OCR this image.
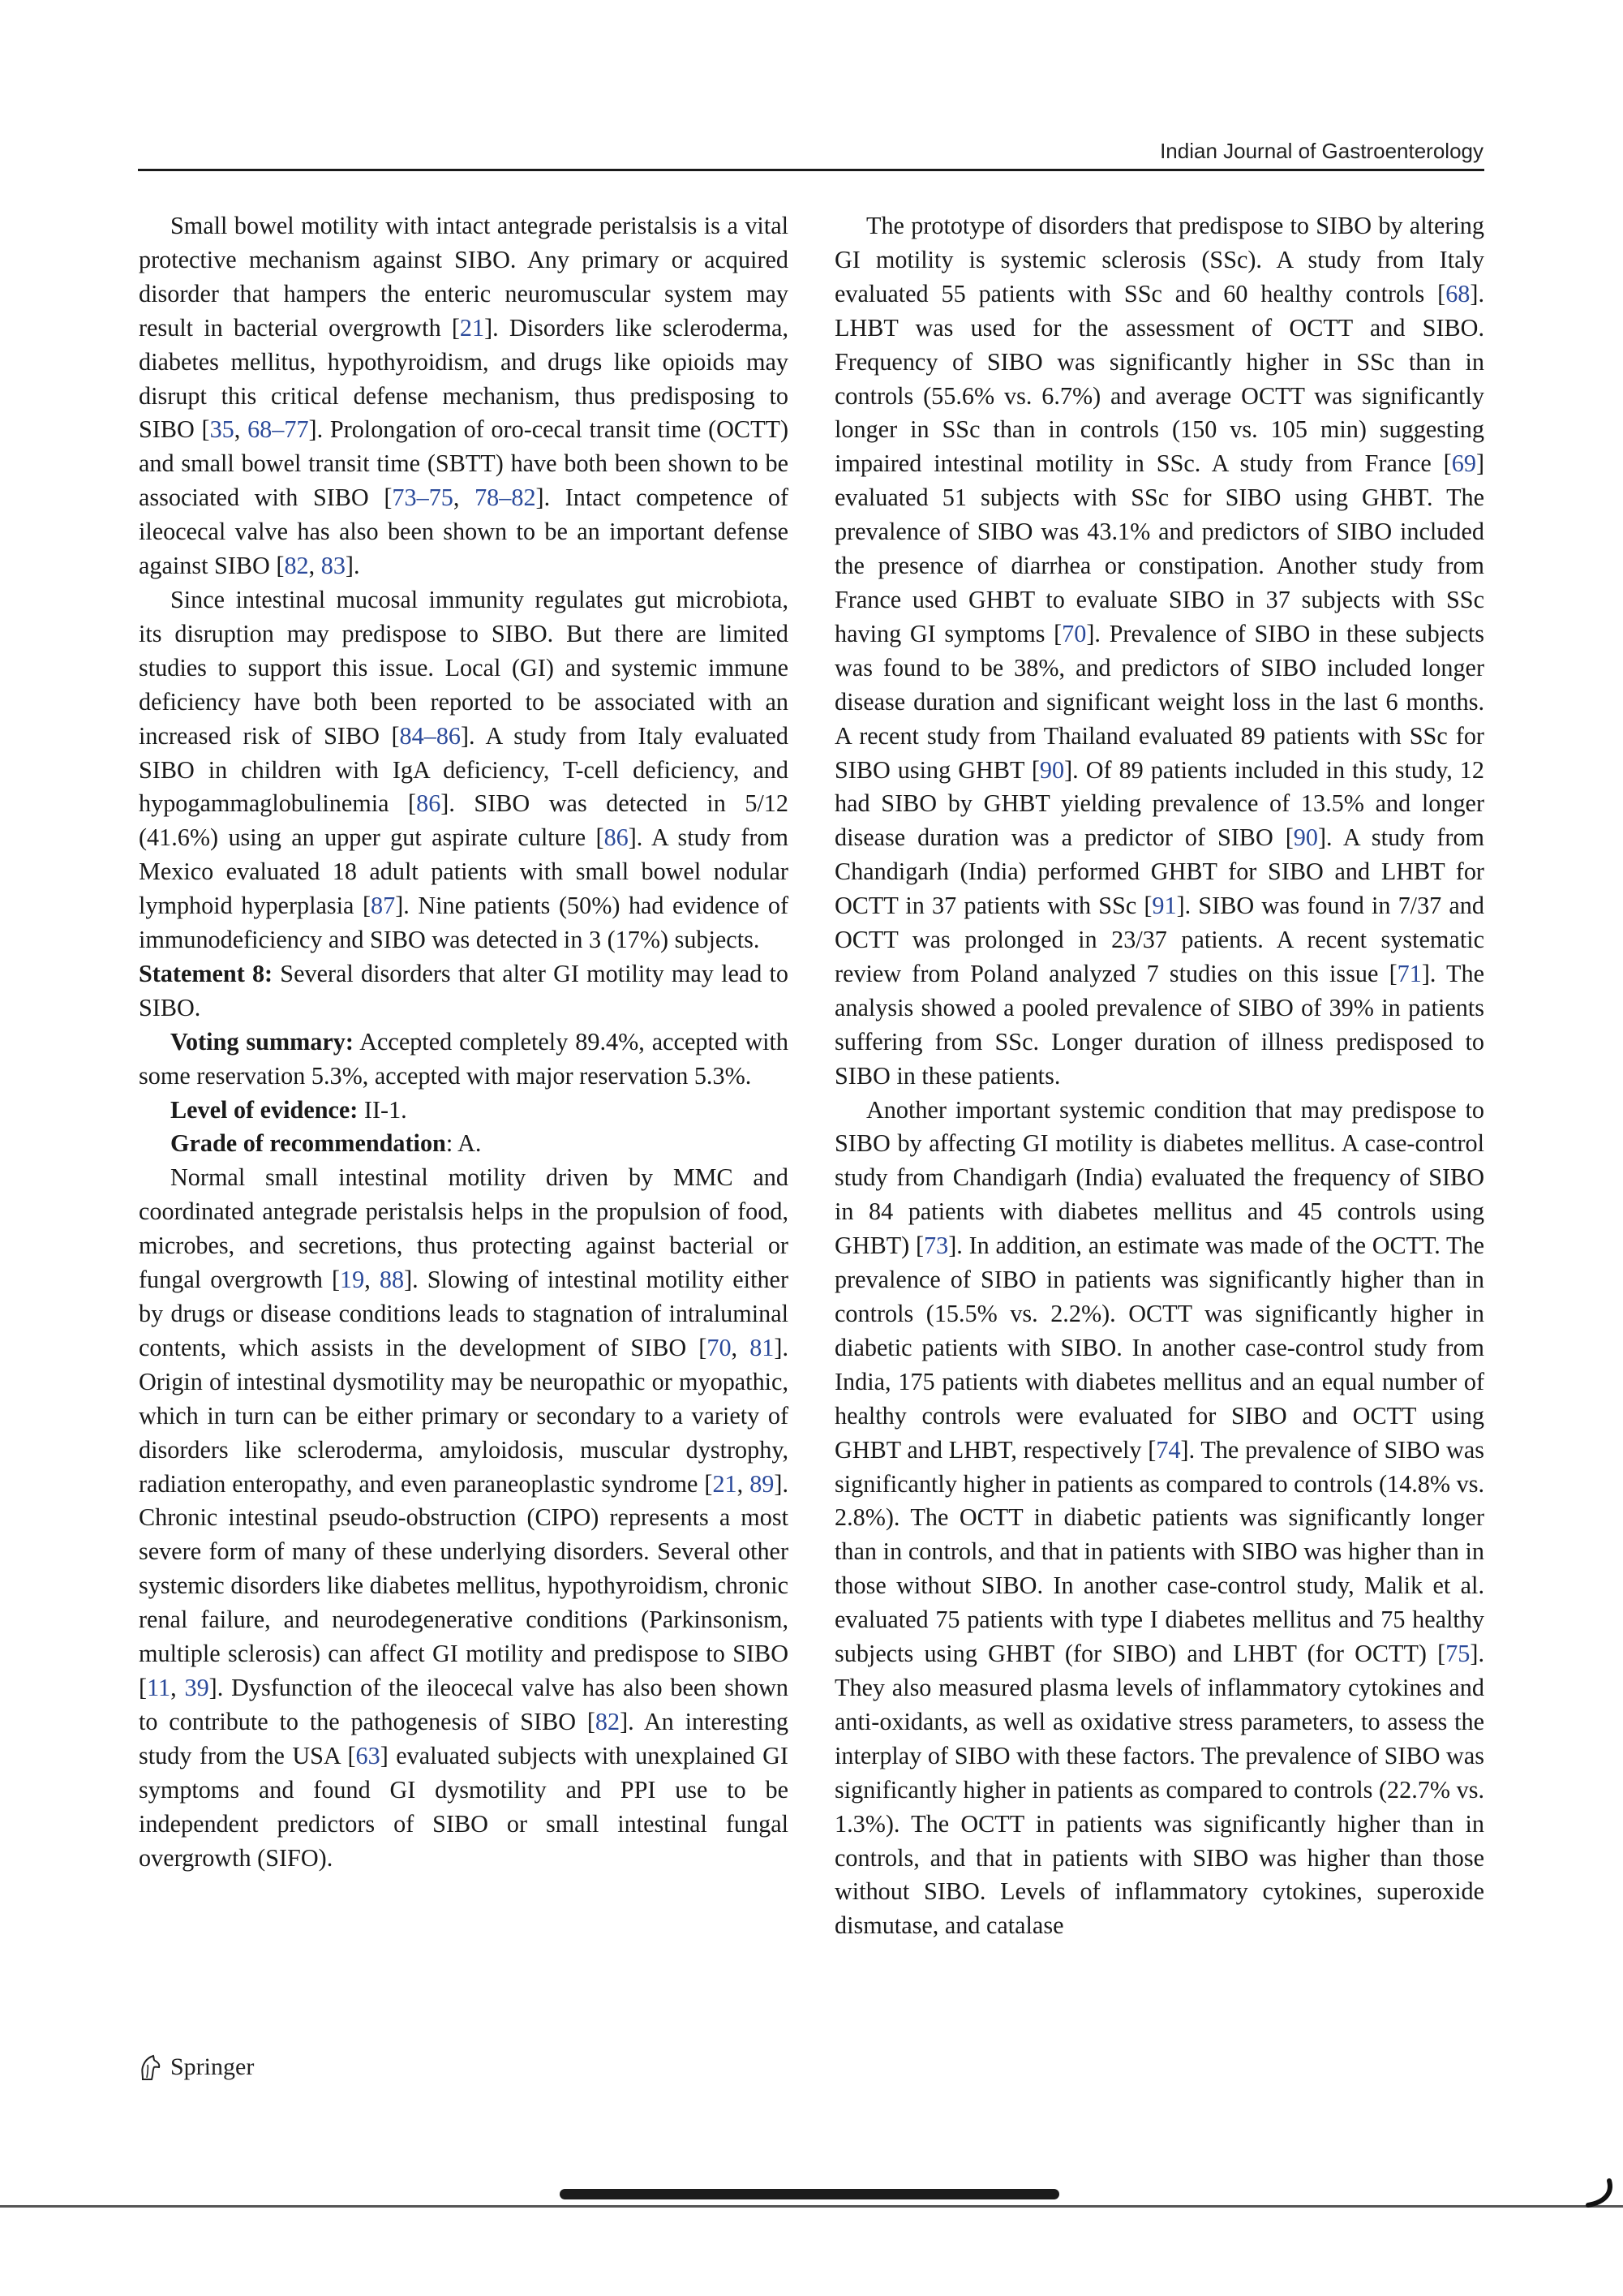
Indian Journal of Gastroenterology

Small bowel motility with intact antegrade peristalsis is a vital protective mechanism against SIBO. Any primary or acquired disorder that hampers the enteric neuromuscular system may result in bacterial overgrowth [21]. Disorders like scleroderma, diabetes mellitus, hypothyroidism, and drugs like opioids may disrupt this critical defense mechanism, thus predisposing to SIBO [35, 68–77]. Prolongation of oro-cecal transit time (OCTT) and small bowel transit time (SBTT) have both been shown to be associated with SIBO [73–75, 78–82]. Intact competence of ileocecal valve has also been shown to be an important defense against SIBO [82, 83].

Since intestinal mucosal immunity regulates gut microbiota, its disruption may predispose to SIBO. But there are limited studies to support this issue. Local (GI) and systemic immune deficiency have both been reported to be associated with an increased risk of SIBO [84–86]. A study from Italy evaluated SIBO in children with IgA deficiency, T-cell deficiency, and hypogammaglobulinemia [86]. SIBO was detected in 5/12 (41.6%) using an upper gut aspirate culture [86]. A study from Mexico evaluated 18 adult patients with small bowel nodular lymphoid hyperplasia [87]. Nine patients (50%) had evidence of immunodeficiency and SIBO was detected in 3 (17%) subjects.

Statement 8: Several disorders that alter GI motility may lead to SIBO.

Voting summary: Accepted completely 89.4%, accepted with some reservation 5.3%, accepted with major reservation 5.3%.

Level of evidence: II-1.

Grade of recommendation: A.

Normal small intestinal motility driven by MMC and coordinated antegrade peristalsis helps in the propulsion of food, microbes, and secretions, thus protecting against bacterial or fungal overgrowth [19, 88]. Slowing of intestinal motility either by drugs or disease conditions leads to stagnation of intraluminal contents, which assists in the development of SIBO [70, 81]. Origin of intestinal dysmotility may be neuropathic or myopathic, which in turn can be either primary or secondary to a variety of disorders like scleroderma, amyloidosis, muscular dystrophy, radiation enteropathy, and even paraneoplastic syndrome [21, 89]. Chronic intestinal pseudo-obstruction (CIPO) represents a most severe form of many of these underlying disorders. Several other systemic disorders like diabetes mellitus, hypothyroidism, chronic renal failure, and neurodegenerative conditions (Parkinsonism, multiple sclerosis) can affect GI motility and predispose to SIBO [11, 39]. Dysfunction of the ileocecal valve has also been shown to contribute to the pathogenesis of SIBO [82]. An interesting study from the USA [63] evaluated subjects with unexplained GI symptoms and found GI dysmotility and PPI use to be independent predictors of SIBO or small intestinal fungal overgrowth (SIFO).

The prototype of disorders that predispose to SIBO by altering GI motility is systemic sclerosis (SSc). A study from Italy evaluated 55 patients with SSc and 60 healthy controls [68]. LHBT was used for the assessment of OCTT and SIBO. Frequency of SIBO was significantly higher in SSc than in controls (55.6% vs. 6.7%) and average OCTT was significantly longer in SSc than in controls (150 vs. 105 min) suggesting impaired intestinal motility in SSc. A study from France [69] evaluated 51 subjects with SSc for SIBO using GHBT. The prevalence of SIBO was 43.1% and predictors of SIBO included the presence of diarrhea or constipation. Another study from France used GHBT to evaluate SIBO in 37 subjects with SSc having GI symptoms [70]. Prevalence of SIBO in these subjects was found to be 38%, and predictors of SIBO included longer disease duration and significant weight loss in the last 6 months. A recent study from Thailand evaluated 89 patients with SSc for SIBO using GHBT [90]. Of 89 patients included in this study, 12 had SIBO by GHBT yielding prevalence of 13.5% and longer disease duration was a predictor of SIBO [90]. A study from Chandigarh (India) performed GHBT for SIBO and LHBT for OCTT in 37 patients with SSc [91]. SIBO was found in 7/37 and OCTT was prolonged in 23/37 patients. A recent systematic review from Poland analyzed 7 studies on this issue [71]. The analysis showed a pooled prevalence of SIBO of 39% in patients suffering from SSc. Longer duration of illness predisposed to SIBO in these patients.

Another important systemic condition that may predispose to SIBO by affecting GI motility is diabetes mellitus. A case-control study from Chandigarh (India) evaluated the frequency of SIBO in 84 patients with diabetes mellitus and 45 controls using GHBT) [73]. In addition, an estimate was made of the OCTT. The prevalence of SIBO in patients was significantly higher than in controls (15.5% vs. 2.2%). OCTT was significantly higher in diabetic patients with SIBO. In another case-control study from India, 175 patients with diabetes mellitus and an equal number of healthy controls were evaluated for SIBO and OCTT using GHBT and LHBT, respectively [74]. The prevalence of SIBO was significantly higher in patients as compared to controls (14.8% vs. 2.8%). The OCTT in diabetic patients was significantly longer than in controls, and that in patients with SIBO was higher than in those without SIBO. In another case-control study, Malik et al. evaluated 75 patients with type I diabetes mellitus and 75 healthy subjects using GHBT (for SIBO) and LHBT (for OCTT) [75]. They also measured plasma levels of inflammatory cytokines and anti-oxidants, as well as oxidative stress parameters, to assess the interplay of SIBO with these factors. The prevalence of SIBO was significantly higher in patients as compared to controls (22.7% vs. 1.3%). The OCTT in patients was significantly higher than in controls, and that in patients with SIBO was higher than those without SIBO. Levels of inflammatory cytokines, superoxide dismutase, and catalase

Springer
